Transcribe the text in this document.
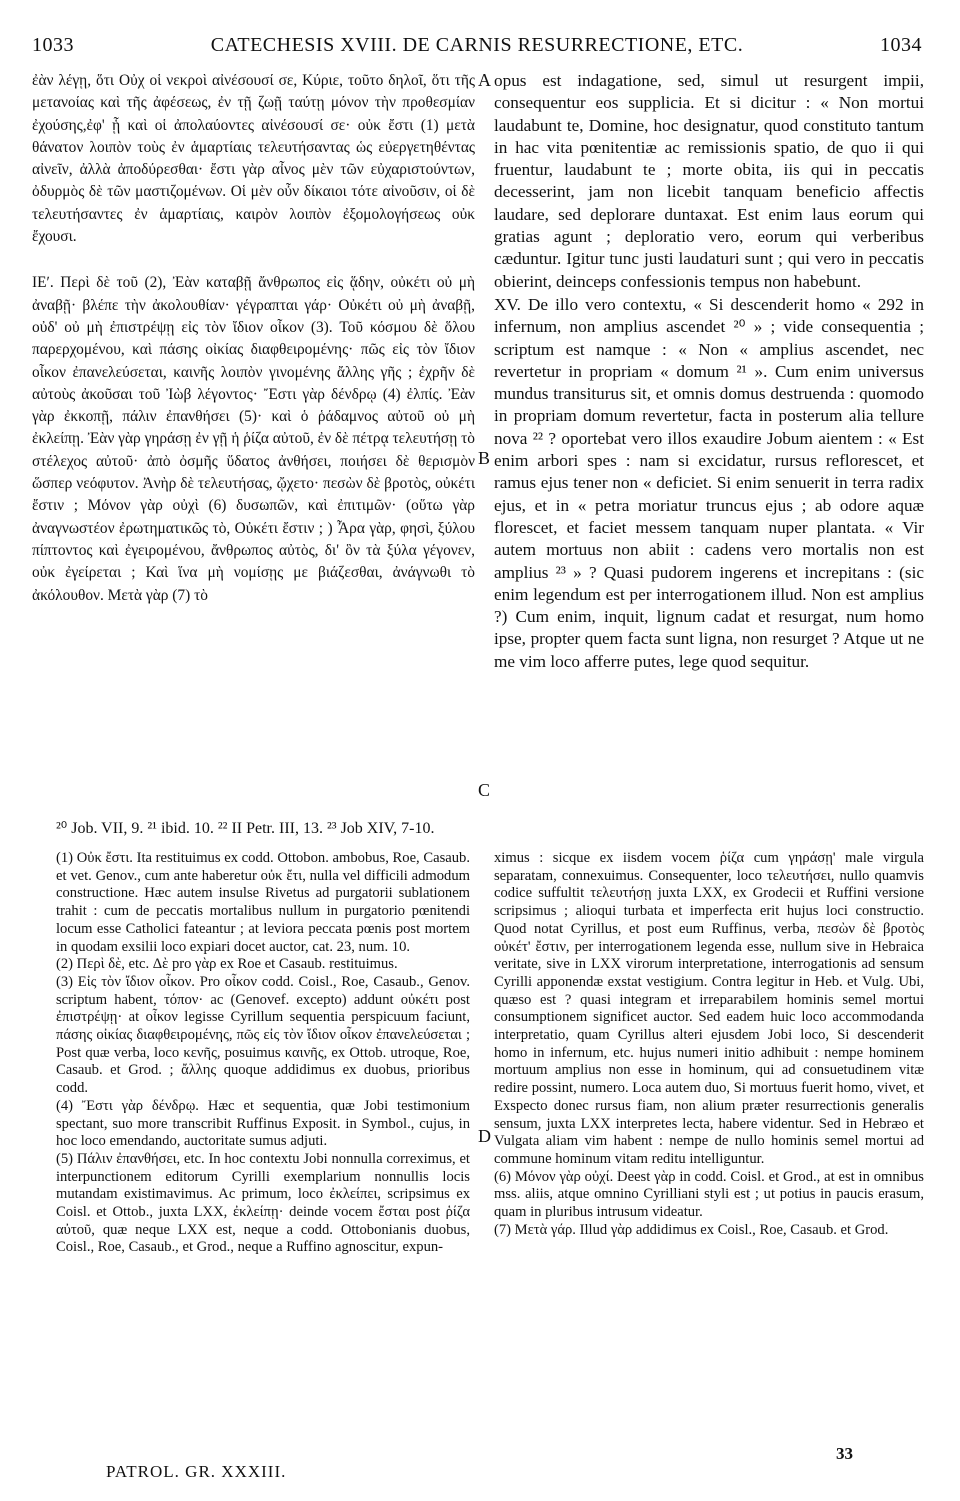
1033	CATECHESIS XVIII. DE CARNIS RESURRECTIONE, ETC.	1034

ἐὰν λέγῃ, ὅτι Οὐχ οἱ νεκροὶ αἰνέσουσί σε, Κύριε, τοῦτο δηλοῖ, ὅτι τῆς μετανοίας καὶ τῆς ἀφέσεως, ἐν τῇ ζωῇ ταύτῃ μόνον τὴν προθεσμίαν ἐχούσης,ἐφ' ᾗ καὶ οἱ ἀπολαύοντες αἰνέσουσί σε· οὐκ ἔστι (1) μετὰ θάνατον λοιπὸν τοὺς ἐν ἁμαρτίαις τελευτήσαντας ὡς εὐεργετηθέντας αἰνεῖν, ἀλλὰ ἀποδύρεσθαι· ἔστι γὰρ αἶνος μὲν τῶν εὐχαριστούντων, ὀδυρμὸς δὲ τῶν μαστιζομένων. Οἱ μὲν οὖν δίκαιοι τότε αἰνοῦσιν, οἱ δὲ τελευτήσαντες ἐν ἁμαρτίαις, καιρὸν λοιπὸν ἐξομολογήσεως οὐκ ἔχουσι.

ΙΕʹ. Περὶ δὲ τοῦ (2), Ἐὰν καταβῇ ἄνθρωπος εἰς ᾅδην, οὐκέτι οὐ μὴ ἀναβῇ· βλέπε τὴν ἀκολουθίαν· γέγραπται γάρ· Οὐκέτι οὐ μὴ ἀναβῇ, οὐδ' οὐ μὴ ἐπιστρέψῃ εἰς τὸν ἴδιον οἶκον (3). Τοῦ κόσμου δὲ ὅλου παρερχομένου, καὶ πάσης οἰκίας διαφθειρομένης· πῶς εἰς τὸν ἴδιον οἶκον ἐπανελεύσεται, καινῆς λοιπὸν γινομένης ἄλλης γῆς ; ἐχρῆν δὲ αὐτοὺς ἀκοῦσαι τοῦ Ἰὼβ λέγοντος· Ἔστι γὰρ δένδρῳ (4) ἐλπίς. Ἐὰν γὰρ ἐκκοπῇ, πάλιν ἐπανθήσει (5)· καὶ ὁ ῥάδαμνος αὐτοῦ οὐ μὴ ἐκλείπῃ. Ἐὰν γὰρ γηράσῃ ἐν γῇ ἡ ῥίζα αὐτοῦ, ἐν δὲ πέτρᾳ τελευτήσῃ τὸ στέλεχος αὐτοῦ· ἀπὸ ὀσμῆς ὕδατος ἀνθήσει, ποιήσει δὲ θερισμὸν ὥσπερ νεόφυτον. Ἀνὴρ δὲ τελευτήσας, ᾤχετο· πεσὼν δὲ βροτὸς, οὐκέτι ἔστιν ; Μόνον γὰρ οὐχὶ (6) δυσωπῶν, καὶ ἐπιτιμῶν· (οὕτω γὰρ ἀναγνωστέον ἐρωτηματικῶς τὸ, Οὐκέτι ἔστιν ; ) Ἆρα γὰρ, φησὶ, ξύλου πίπτοντος καὶ ἐγειρομένου, ἄνθρωπος αὐτὸς, δι' ὃν τὰ ξύλα γέγονεν, οὐκ ἐγείρεται ; Καὶ ἵνα μὴ νομίσῃς με βιάζεσθαι, ἀνάγνωθι τὸ ἀκόλουθον. Μετὰ γὰρ (7) τὸ

opus est indagatione, sed, simul ut resurgent impii, consequentur eos supplicia. Et si dicitur : « Non mortui laudabunt te, Domine, hoc designatur, quod constituto tantum in hac vita pœnitentiæ ac remissionis spatio, de quo ii qui fruentur, laudabunt te ; morte obita, iis qui in peccatis decesserint, jam non licebit tanquam beneficio affectis laudare, sed deplorare duntaxat. Est enim laus eorum qui gratias agunt ; deploratio vero, eorum qui verberibus cæduntur. Igitur tunc justi laudaturi sunt ; qui vero in peccatis obierint, deinceps confessionis tempus non habebunt.

XV. De illo vero contextu, « Si descenderit homo « 292 in infernum, non amplius ascendet ²⁰ » ; vide consequentia ; scriptum est namque : « Non « amplius ascendet, nec revertetur in propriam « domum ²¹ ». Cum enim universus mundus transiturus sit, et omnis domus destruenda : quomodo in propriam domum revertetur, facta in posterum alia tellure nova ²² ? oportebat vero illos exaudire Jobum aientem : « Est enim arbori spes : nam si excidatur, rursus reflorescet, et ramus ejus tener non « deficiet. Si enim senuerit in terra radix ejus, et in « petra moriatur truncus ejus ; ab odore aquæ florescet, et faciet messem tanquam nuper plantata. « Vir autem mortuus non abiit : cadens vero mortalis non est amplius ²³ » ? Quasi pudorem ingerens et increpitans : (sic enim legendum est per interrogationem illud. Non est amplius ?) Cum enim, inquit, lignum cadat et resurgat, num homo ipse, propter quem facta sunt ligna, non resurget ? Atque ut ne me vim loco afferre putes, lege quod sequitur.

A
B
C
D
²⁰ Job. VII, 9. ²¹ ibid. 10. ²² II Petr. III, 13. ²³ Job XIV, 7-10.

(1) Οὐκ ἔστι. Ita restituimus ex codd. Ottobon. ambobus, Roe, Casaub. et vet. Genov., cum ante haberetur οὐκ ἔτι, nulla vel difficili admodum constructione. Hæc autem insulse Rivetus ad purgatorii sublationem trahit : cum de peccatis mortalibus nullum in purgatorio pœnitendi locum esse Catholici fateantur ; at leviora peccata pœnis post mortem in quodam exsilii loco expiari docet auctor, cat. 23, num. 10.

(2) Περὶ δὲ, etc. Δὲ pro γὰρ ex Roe et Casaub. restituimus.

(3) Εἰς τὸν ἴδιον οἶκον. Pro οἶκον codd. Coisl., Roe, Casaub., Genov. scriptum habent, τόπον· ac (Genovef. excepto) addunt οὐκέτι post ἐπιστρέψῃ· at οἶκον legisse Cyrillum sequentia perspicuum faciunt, πάσης οἰκίας διαφθειρομένης, πῶς εἰς τὸν ἴδιον οἶκον ἐπανελεύσεται ; Post quæ verba, loco κενῆς, posuimus καινῆς, ex Ottob. utroque, Roe, Casaub. et Grod. ; ἄλλης quoque addidimus ex duobus, prioribus codd.

(4) Ἔστι γὰρ δένδρῳ. Hæc et sequentia, quæ Jobi testimonium spectant, suo more transcribit Ruffinus Exposit. in Symbol., cujus, in hoc loco emendando, auctoritate sumus adjuti.

(5) Πάλιν ἐπανθήσει, etc. In hoc contextu Jobi nonnulla correximus, et interpunctionem editorum Cyrilli exemplarium nonnullis locis mutandam existimavimus. Ac primum, loco ἐκλείπει, scripsimus ex Coisl. et Ottob., juxta LXX, ἐκλείπῃ· deinde vocem ἔσται post ῥίζα αὐτοῦ, quæ neque LXX est, neque a codd. Ottobonianis duobus, Coisl., Roe, Casaub., et Grod., neque a Ruffino agnoscitur, expun-

ximus : sicque ex iisdem vocem ῥίζα cum γηράσῃ' male virgula separatam, connexuimus. Consequenter, loco τελευτήσει, nullo quamvis codice suffultit τελευτήσῃ juxta LXX, ex Grodecii et Ruffini versione scripsimus ; alioqui turbata et imperfecta erit hujus loci constructio. Quod notat Cyrillus, et post eum Ruffinus, verba, πεσὼν δὲ βροτὸς οὐκέτ' ἔστιν, per interrogationem legenda esse, nullum sive in Hebraica veritate, sive in LXX virorum interpretatione, interrogationis ad sensum Cyrilli apponendæ exstat vestigium. Contra legitur in Heb. et Vulg. Ubi, quæso est ? quasi integram et irreparabilem hominis semel mortui consumptionem significet auctor. Sed eadem huic loco accommodanda interpretatio, quam Cyrillus alteri ejusdem Jobi loco, Si descenderit homo in infernum, etc. hujus numeri initio adhibuit : nempe hominem mortuum amplius non esse in hominum, qui ad consuetudinem vitæ redire possint, numero. Loca autem duo, Si mortuus fuerit homo, vivet, et Exspecto donec rursus fiam, non alium præter resurrectionis generalis sensum, juxta LXX interpretes lecta, habere videntur. Sed in Hebræo et Vulgata aliam vim habent : nempe de nullo hominis semel mortui ad commune hominum vitam reditu intelliguntur.

(6) Μόνον γὰρ οὐχί. Deest γὰρ in codd. Coisl. et Grod., at est in omnibus mss. aliis, atque omnino Cyrilliani styli est ; ut potius in paucis erasum, quam in pluribus intrusum videatur.

(7) Μετὰ γάρ. Illud γὰρ addidimus ex Coisl., Roe, Casaub. et Grod.

PATROL. GR. XXXIII.
33
